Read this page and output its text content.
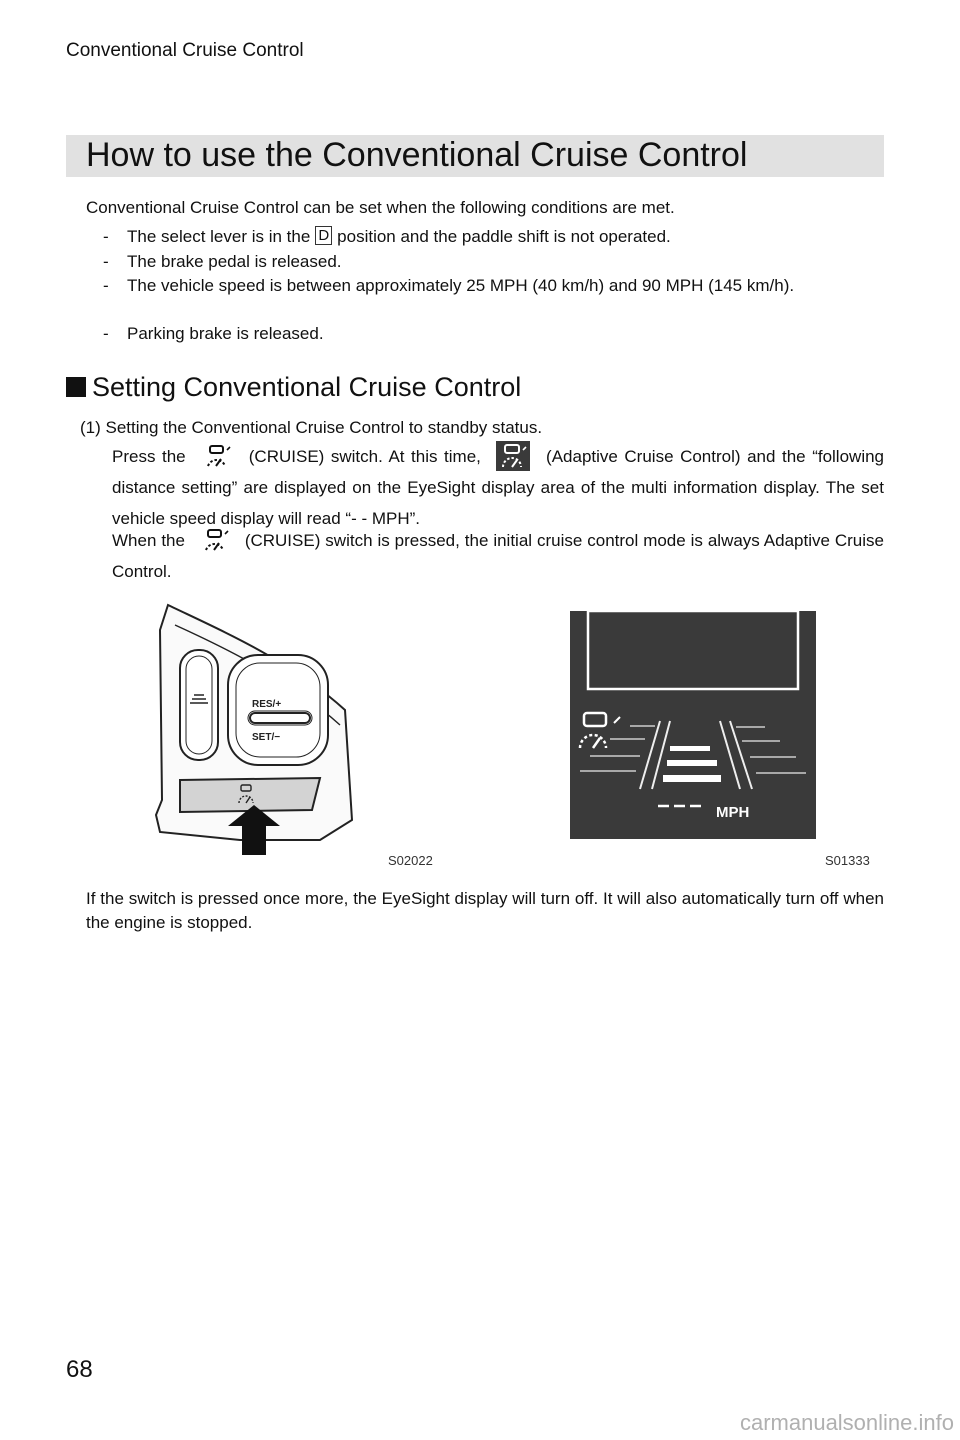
Conventional Cruise Control
How to use the Conventional Cruise Control
Conventional Cruise Control can be set when the following conditions are met.
- The select lever is in the D position and the paddle shift is not operated.
- The brake pedal is released.
- The vehicle speed is between approximately 25 MPH (40 km/h) and 90 MPH (145 km/h).
- Parking brake is released.
Setting Conventional Cruise Control
(1) Setting the Conventional Cruise Control to standby status.
Press the	(CRUISE) switch. At this time,	(Adaptive Cruise Control) and the “following distance setting” are displayed on the EyeSight display area of the multi information display. The set vehicle speed display will read “- - MPH”.
When the	(CRUISE) switch is pressed, the initial cruise control mode is always Adaptive Cruise Control.
RES/+
SET/−
S02022
MPH
S01333
If the switch is pressed once more, the EyeSight display will turn off. It will also automatically turn off when the engine is stopped.
68
carmanualsonline.info
